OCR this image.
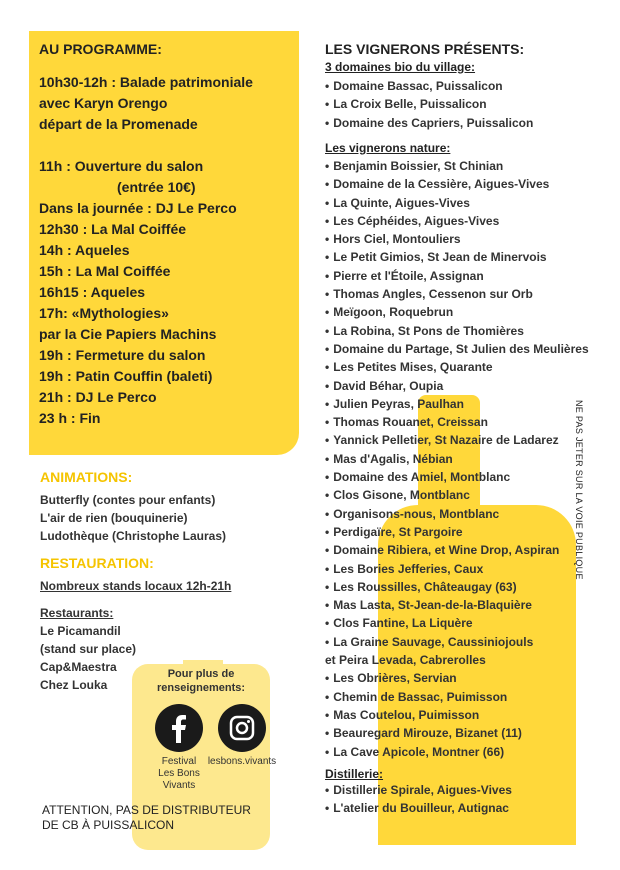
AU PROGRAMME:
10h30-12h : Balade patrimoniale
avec Karyn Orengo
départ de la Promenade
11h : Ouverture du salon
(entrée 10€)
Dans la journée : DJ Le Perco
12h30 : La Mal Coiffée
14h : Aqueles
15h : La Mal Coiffée
16h15 : Aqueles
17h: «Mythologies»
par la Cie Papiers Machins
19h : Fermeture du salon
19h : Patin Couffin (baleti)
21h : DJ Le Perco
23 h : Fin
ANIMATIONS:
Butterfly (contes pour enfants)
L'air de rien (bouquinerie)
Ludothèque (Christophe Lauras)
RESTAURATION:
Nombreux stands locaux 12h-21h
Restaurants:
Le Picamandil
(stand sur place)
Cap&Maestra
Chez Louka
Pour plus de
renseignements:
Festival
Les Bons
Vivants
lesbons.vivants
ATTENTION, PAS DE DISTRIBUTEUR
DE CB À PUISSALICON
LES VIGNERONS PRÉSENTS:
3 domaines bio du village:
• Domaine Bassac, Puissalicon
• La Croix Belle, Puissalicon
• Domaine des Capriers, Puissalicon
Les vignerons nature:
• Benjamin Boissier, St Chinian
• Domaine de la Cessière, Aigues-Vives
• La Quinte, Aigues-Vives
• Les Céphéides, Aigues-Vives
• Hors Ciel, Montouliers
• Le Petit Gimios, St Jean de Minervois
• Pierre et l'Étoile, Assignan
• Thomas Angles, Cessenon sur Orb
• Meïgoon, Roquebrun
• La Robina, St Pons de Thomières
• Domaine du Partage, St Julien des Meulières
• Les Petites Mises, Quarante
• David Béhar, Oupia
• Julien Peyras, Paulhan
• Thomas Rouanet, Creissan
• Yannick Pelletier, St Nazaire de Ladarez
• Mas d'Agalis, Nébian
• Domaine des Amiel, Montblanc
• Clos Gisone, Montblanc
• Organisons-nous, Montblanc
• Perdigaïre, St Pargoire
• Domaine Ribiera, et Wine Drop, Aspiran
• Les Bories Jefferies, Caux
• Les Roussilles, Châteaugay (63)
• Mas Lasta, St-Jean-de-la-Blaquière
• Clos Fantine, La Liquère
• La Graine Sauvage, Caussiniojouls
et Peira Levada, Cabrerolles
• Les Obrières, Servian
• Chemin de Bassac, Puimisson
• Mas Coutelou, Puimisson
• Beauregard Mirouze, Bizanet (11)
• La Cave Apicole, Montner (66)
Distillerie:
• Distillerie Spirale, Aigues-Vives
• L'atelier du Bouilleur, Autignac
NE PAS JETER SUR LA VOIE PUBLIQUE
